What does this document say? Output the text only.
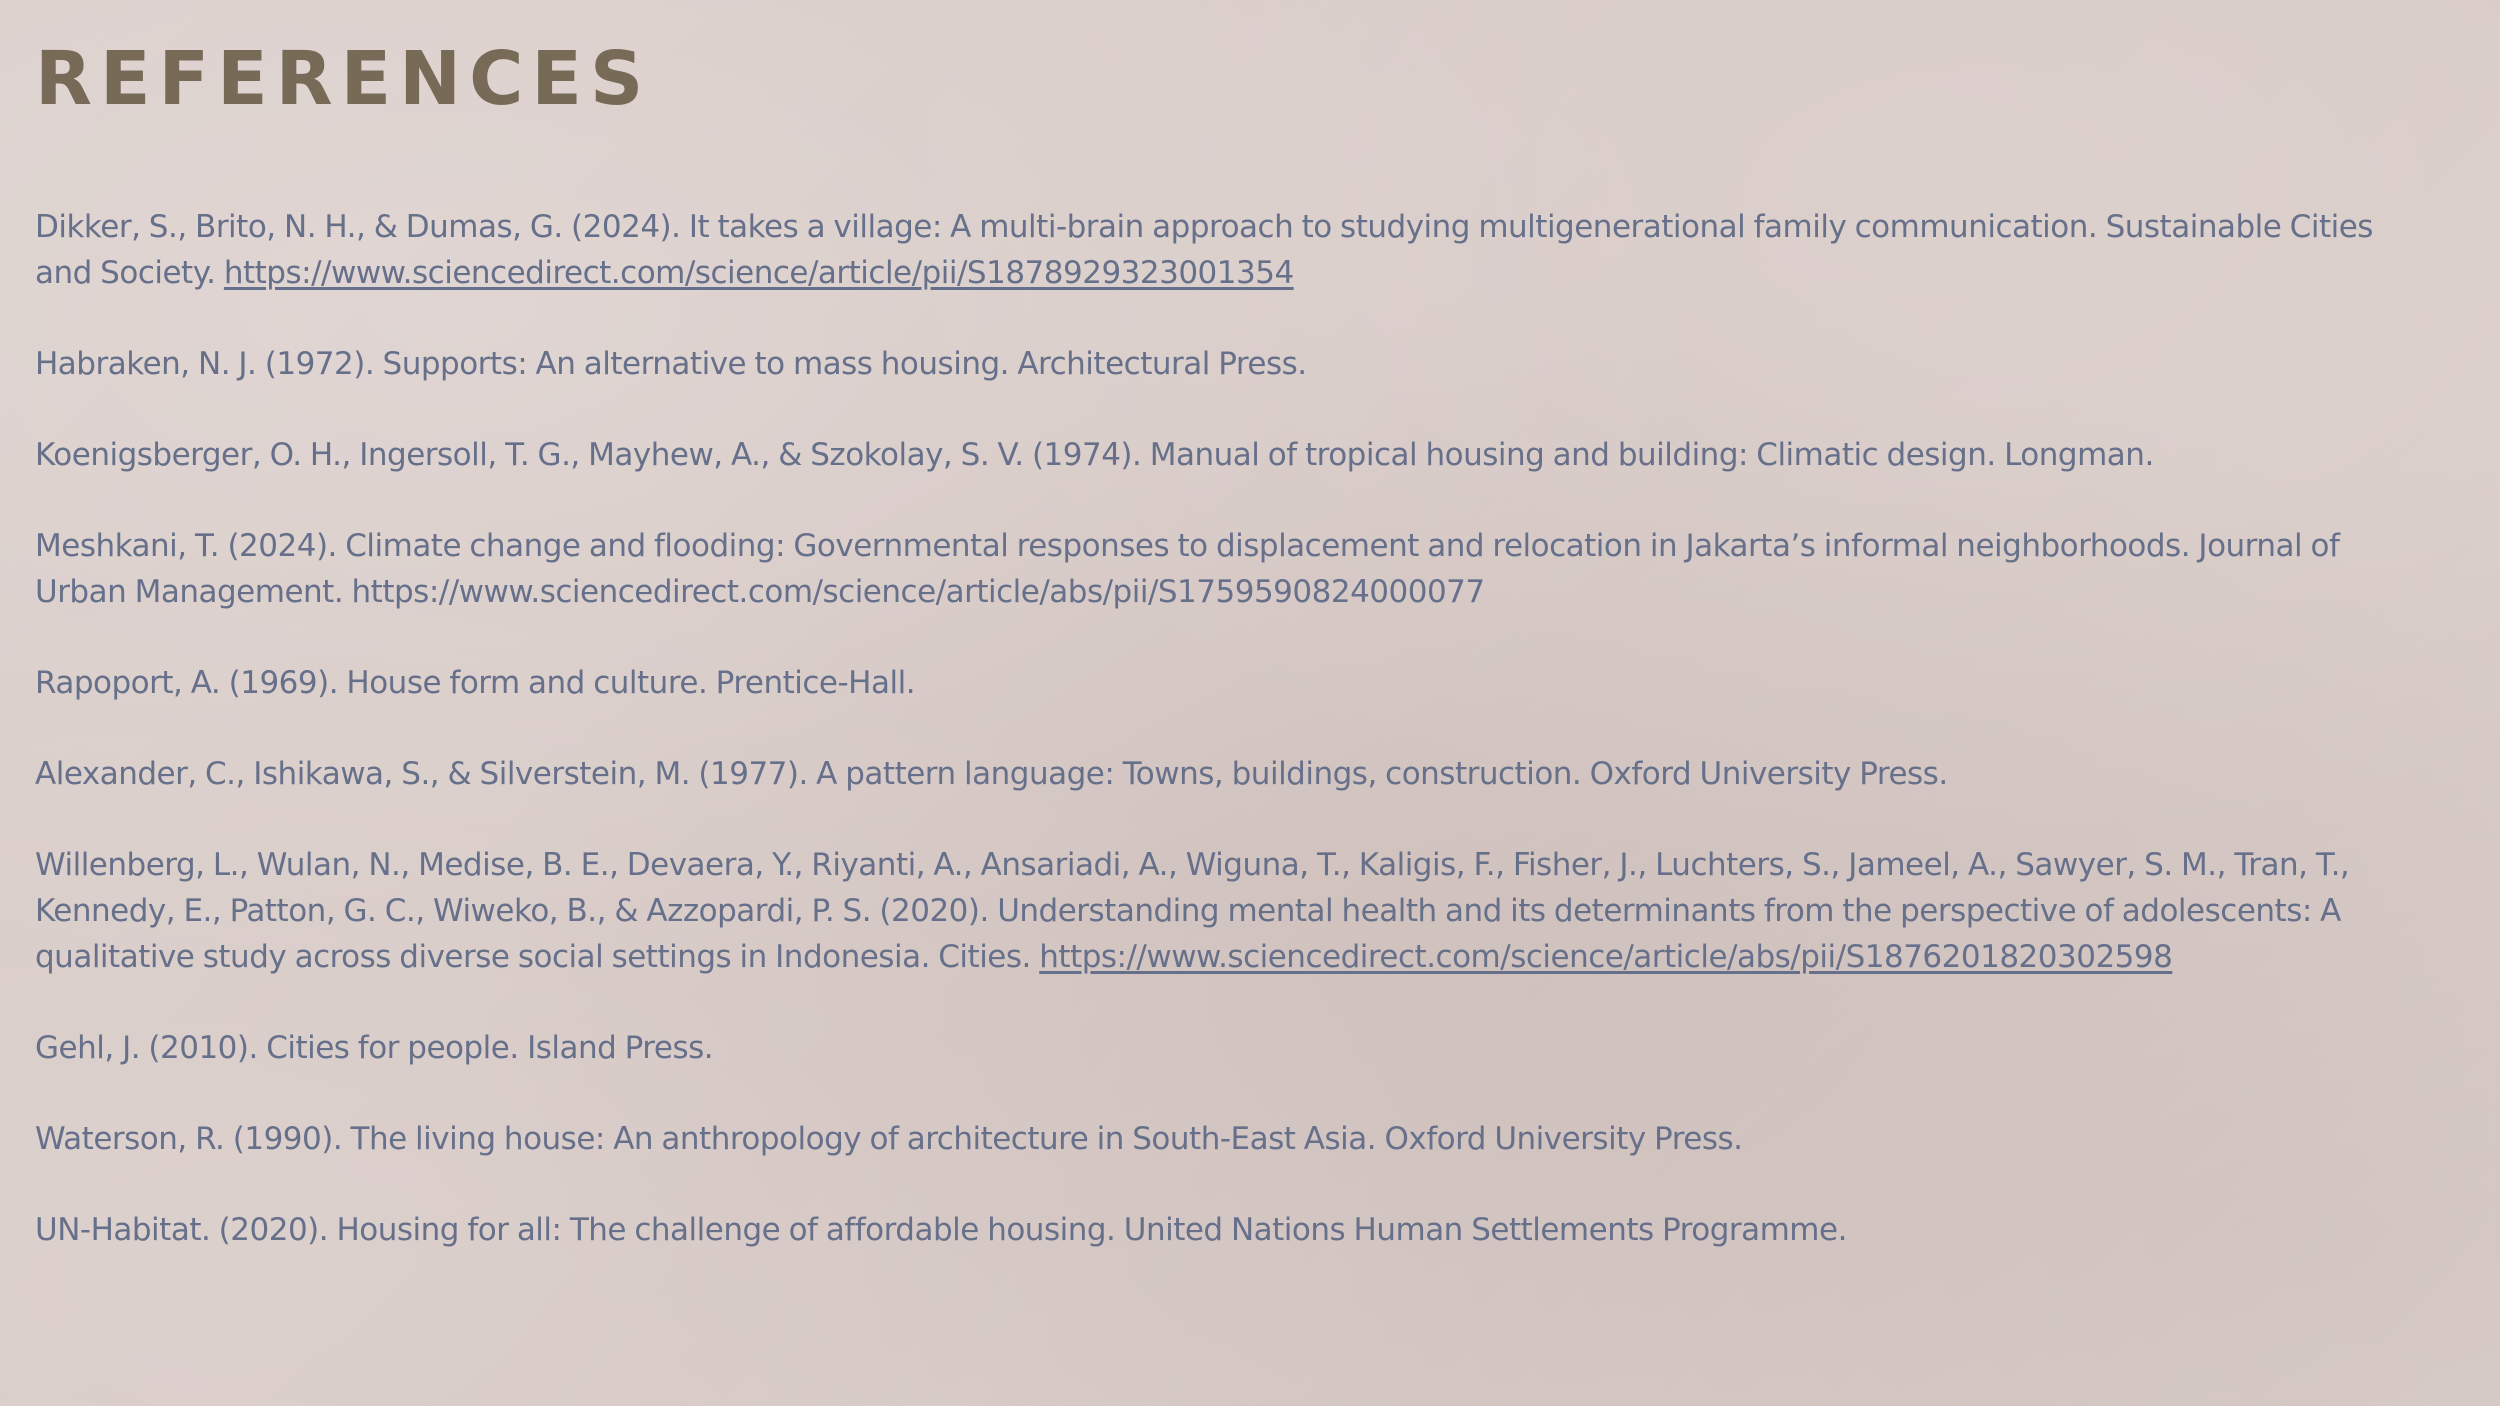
REFERENCES
Dikker, S., Brito, N. H., & Dumas, G. (2024). It takes a village: A multi-brain approach to studying multigenerational family communication. Sustainable Cities and Society. https://www.sciencedirect.com/science/article/pii/S1878929323001354
Habraken, N. J. (1972). Supports: An alternative to mass housing. Architectural Press.
Koenigsberger, O. H., Ingersoll, T. G., Mayhew, A., & Szokolay, S. V. (1974). Manual of tropical housing and building: Climatic design. Longman.
Meshkani, T. (2024). Climate change and flooding: Governmental responses to displacement and relocation in Jakarta’s informal neighborhoods. Journal of Urban Management. https://www.sciencedirect.com/science/article/abs/pii/S1759590824000077
Rapoport, A. (1969). House form and culture. Prentice-Hall.
Alexander, C., Ishikawa, S., & Silverstein, M. (1977). A pattern language: Towns, buildings, construction. Oxford University Press.
Willenberg, L., Wulan, N., Medise, B. E., Devaera, Y., Riyanti, A., Ansariadi, A., Wiguna, T., Kaligis, F., Fisher, J., Luchters, S., Jameel, A., Sawyer, S. M., Tran, T., Kennedy, E., Patton, G. C., Wiweko, B., & Azzopardi, P. S. (2020). Understanding mental health and its determinants from the perspective of adolescents: A qualitative study across diverse social settings in Indonesia. Cities. https://www.sciencedirect.com/science/article/abs/pii/S1876201820302598
Gehl, J. (2010). Cities for people. Island Press.
Waterson, R. (1990). The living house: An anthropology of architecture in South-East Asia. Oxford University Press.
UN-Habitat. (2020). Housing for all: The challenge of affordable housing. United Nations Human Settlements Programme.
